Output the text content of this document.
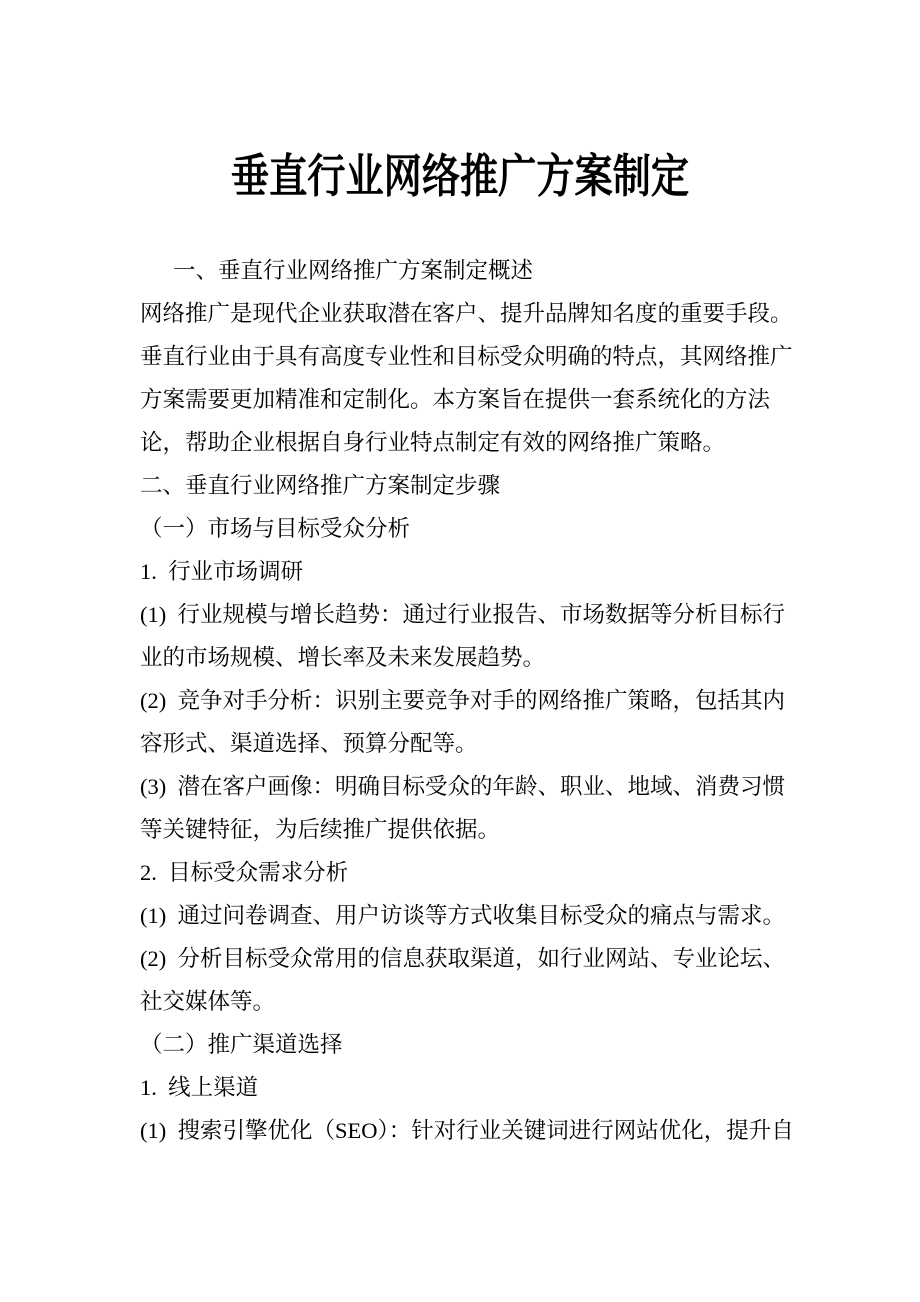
垂直行业网络推广方案制定
一、垂直行业网络推广方案制定概述
网络推广是现代企业获取潜在客户、提升品牌知名度的重要手段。
垂直行业由于具有高度专业性和目标受众明确的特点，其网络推广
方案需要更加精准和定制化。本方案旨在提供一套系统化的方法
论，帮助企业根据自身行业特点制定有效的网络推广策略。
二、垂直行业网络推广方案制定步骤
（一）市场与目标受众分析
1.  行业市场调研
(1)  行业规模与增长趋势：通过行业报告、市场数据等分析目标行
业的市场规模、增长率及未来发展趋势。
(2)  竞争对手分析：识别主要竞争对手的网络推广策略，包括其内
容形式、渠道选择、预算分配等。
(3)  潜在客户画像：明确目标受众的年龄、职业、地域、消费习惯
等关键特征，为后续推广提供依据。
2.  目标受众需求分析
(1)  通过问卷调查、用户访谈等方式收集目标受众的痛点与需求。
(2)  分析目标受众常用的信息获取渠道，如行业网站、专业论坛、
社交媒体等。
（二）推广渠道选择
1.  线上渠道
(1)  搜索引擎优化（SEO）：针对行业关键词进行网站优化，提升自
